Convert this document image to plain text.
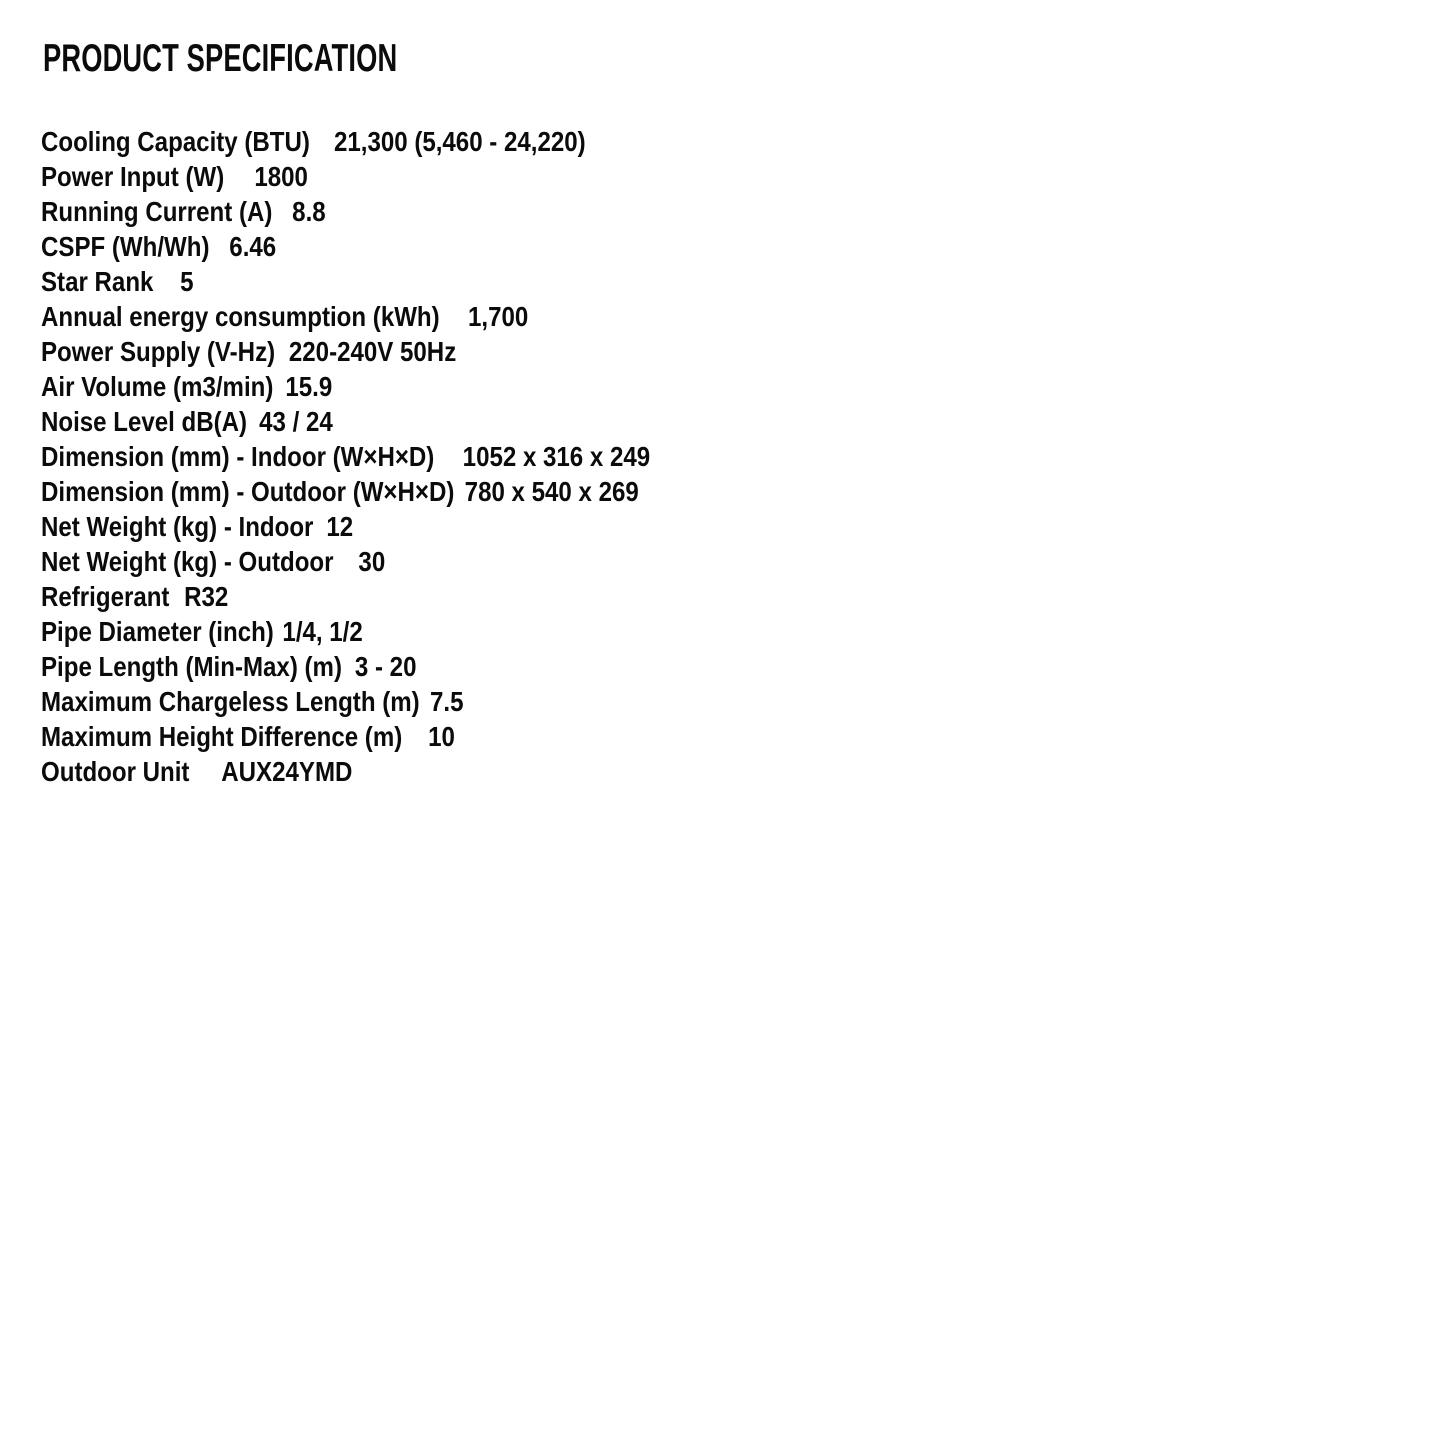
PRODUCT SPECIFICATION
Cooling Capacity (BTU) 21,300 (5,460 - 24,220)
Power Input (W) 1800
Running Current (A) 8.8
CSPF (Wh/Wh) 6.46
Star Rank 5
Annual energy consumption (kWh) 1,700
Power Supply (V-Hz) 220-240V 50Hz
Air Volume (m3/min) 15.9
Noise Level dB(A) 43 / 24
Dimension (mm) - Indoor (W×H×D) 1052 x 316 x 249
Dimension (mm) - Outdoor (W×H×D) 780 x 540 x 269
Net Weight (kg) - Indoor 12
Net Weight (kg) - Outdoor 30
Refrigerant R32
Pipe Diameter (inch) 1/4, 1/2
Pipe Length (Min-Max) (m) 3 - 20
Maximum Chargeless Length (m) 7.5
Maximum Height Difference (m) 10
Outdoor Unit AUX24YMD
